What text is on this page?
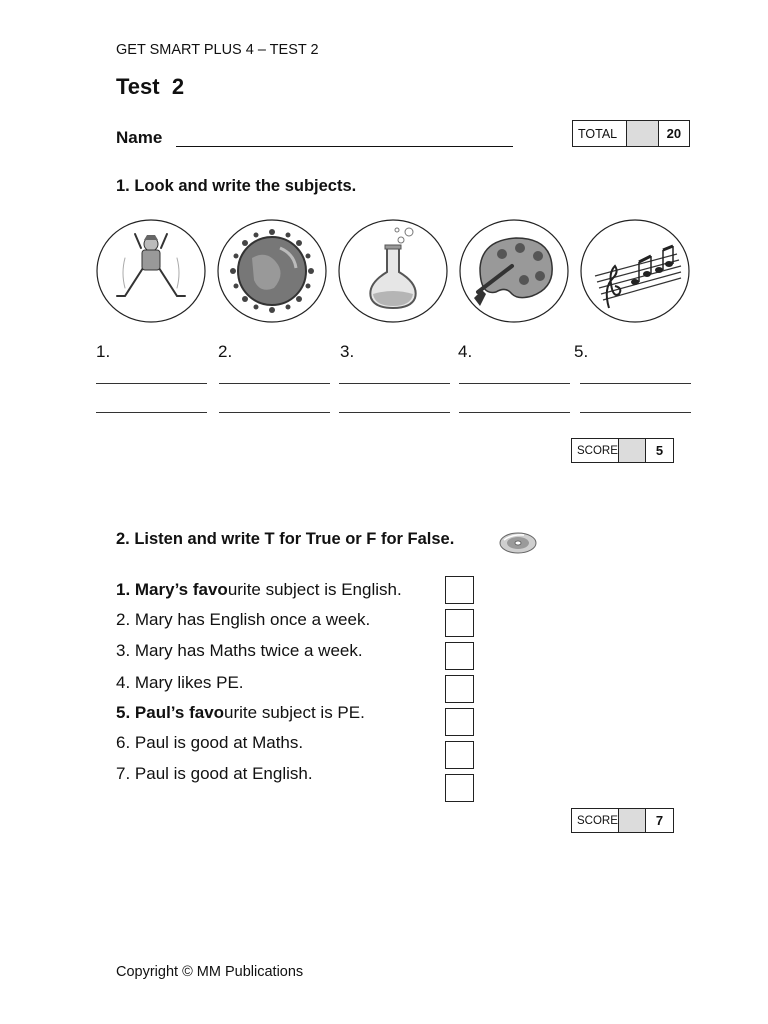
GET SMART PLUS 4 – TEST 2
Test  2
Name	TOTAL	20
1. Look and write the subjects.
1.	2.	3.	4.	5.
SCORE	5
2. Listen and write T for True or F for False.
1. Mary’s favourite subject is English.
2. Mary has English once a week.
3. Mary has Maths twice a week.
4. Mary likes PE.
5. Paul’s favourite subject is PE.
6. Paul is good at Maths.
7. Paul is good at English.
SCORE	7
Copyright © MM Publications
